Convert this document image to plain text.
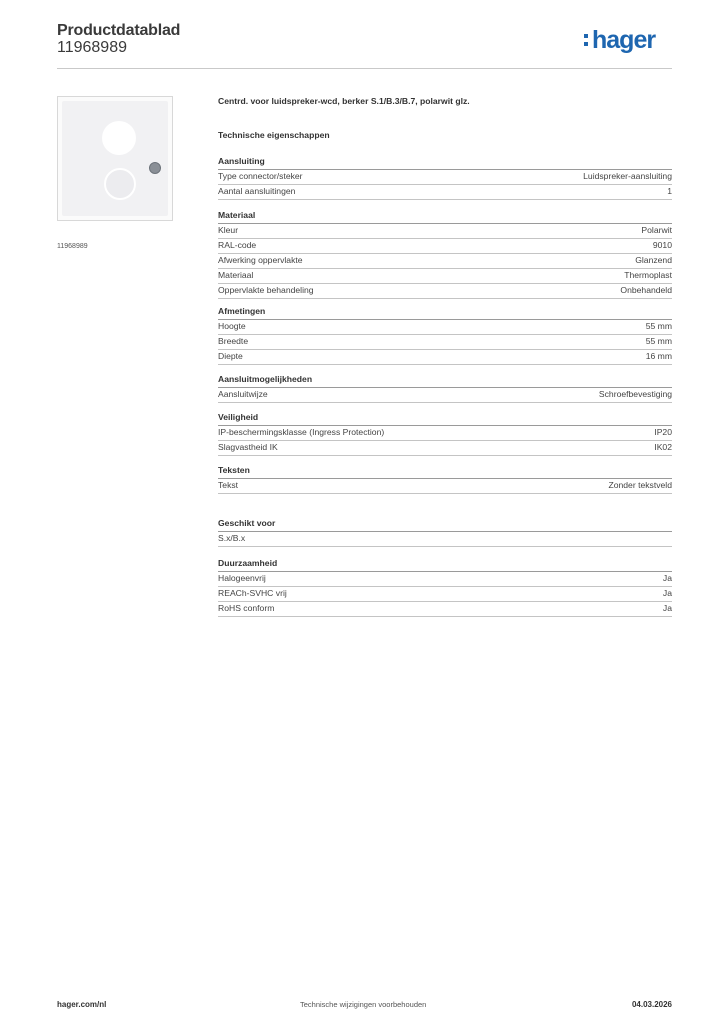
Productdatablad
11968989	hager
11968989
Centrd. voor luidspreker-wcd, berker S.1/B.3/B.7, polarwit glz.
Technische eigenschappen
Aansluiting
Type connector/steker	Luidspreker-aansluiting
Aantal aansluitingen	1
Materiaal
Kleur	Polarwit
RAL-code	9010
Afwerking oppervlakte	Glanzend
Materiaal	Thermoplast
Oppervlakte behandeling	Onbehandeld
Afmetingen
Hoogte	55 mm
Breedte	55 mm
Diepte	16 mm
Aansluitmogelijkheden
Aansluitwijze	Schroefbevestiging
Veiligheid
IP-beschermingsklasse (Ingress Protection)	IP20
Slagvastheid IK	IK02
Teksten
Tekst	Zonder tekstveld
Geschikt voor
S.x/B.x
Duurzaamheid
Halogeenvrij	Ja
REACh-SVHC vrij	Ja
RoHS conform	Ja
hager.com/nl	Technische wijzigingen voorbehouden	04.03.2026
